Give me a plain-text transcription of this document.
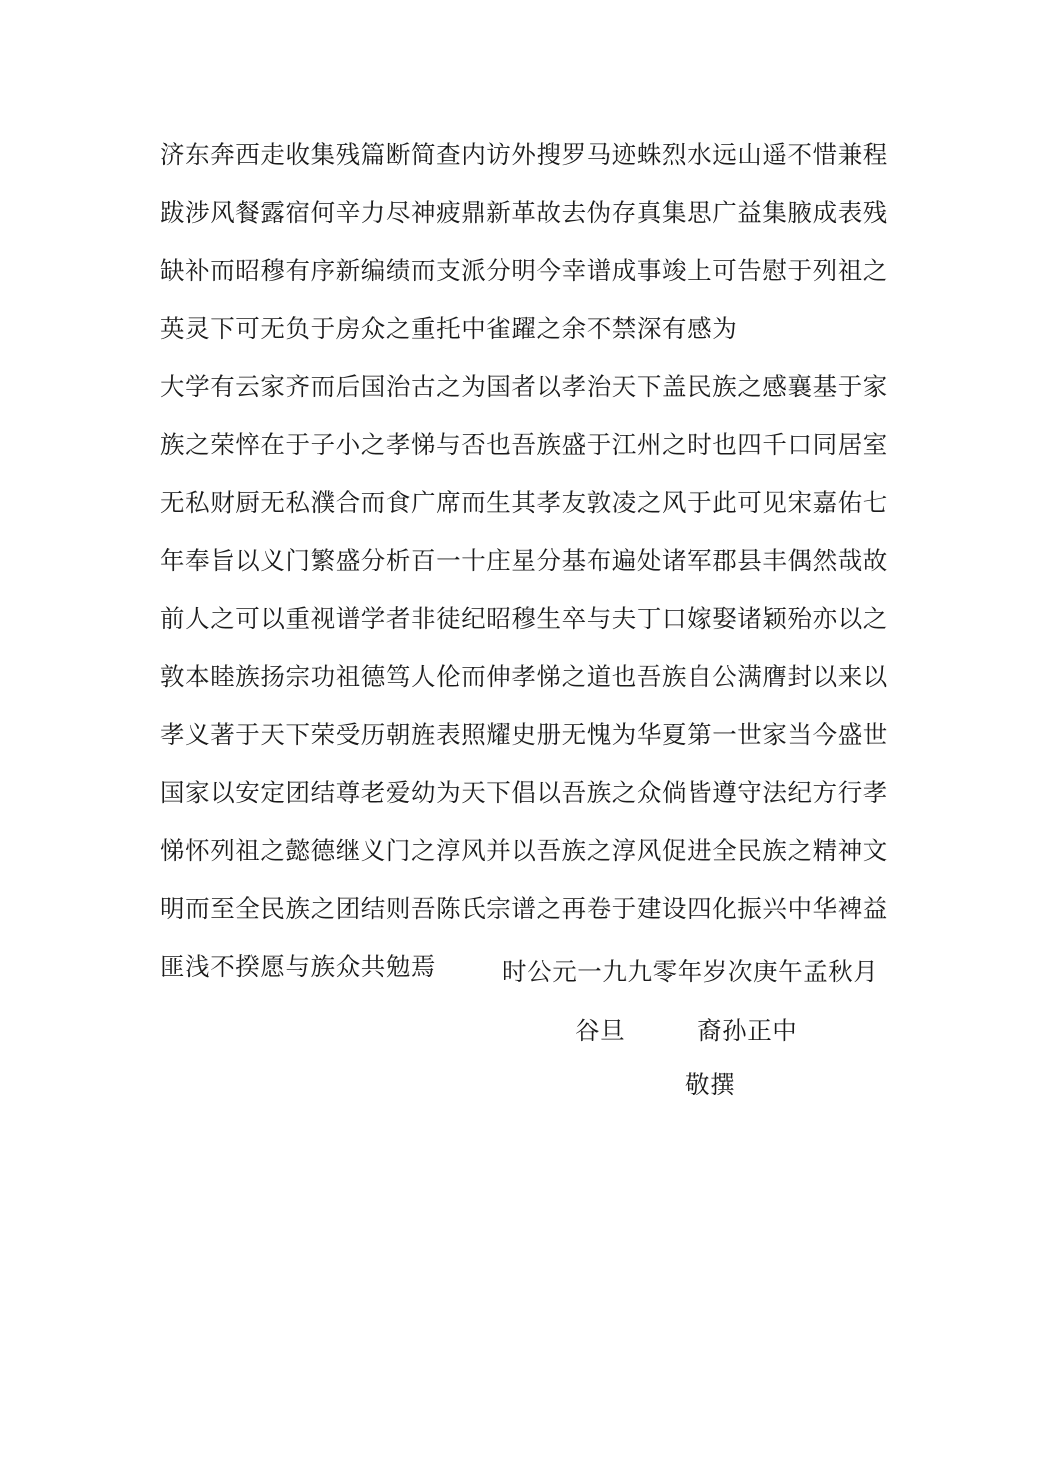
济东奔西走收集残篇断简查内访外搜罗马迹蛛烈水远山遥不惜兼程
跋涉风餐露宿何辛力尽神疲鼎新革故去伪存真集思广益集腋成表残
缺补而昭穆有序新编绩而支派分明今幸谱成事竣上可告慰于列祖之
英灵下可无负于房众之重托中雀躍之余不禁深有感为
大学有云家齐而后国治古之为国者以孝治天下盖民族之感襄基于家
族之荣悴在于子小之孝悌与否也吾族盛于江州之时也四千口同居室
无私财厨无私濮合而食广席而生其孝友敦凌之风于此可见宋嘉佑七
年奉旨以义门繁盛分析百一十庄星分基布遍处诸军郡县丰偶然哉故
前人之可以重视谱学者非徒纪昭穆生卒与夫丁口嫁娶诸颖殆亦以之
敦本睦族扬宗功祖德笃人伦而伸孝悌之道也吾族自公满膺封以来以
孝义著于天下荣受历朝旌表照耀史册无愧为华夏第一世家当今盛世
国家以安定团结尊老爱幼为天下倡以吾族之众倘皆遵守法纪方行孝
悌怀列祖之懿德继义门之淳风并以吾族之淳风促进全民族之精神文
明而至全民族之团结则吾陈氏宗谱之再卷于建设四化振兴中华裨益
匪浅不揆愿与族众共勉焉	时公元一九九零年岁次庚午孟秋月
谷旦	裔孙正中
敬撰
